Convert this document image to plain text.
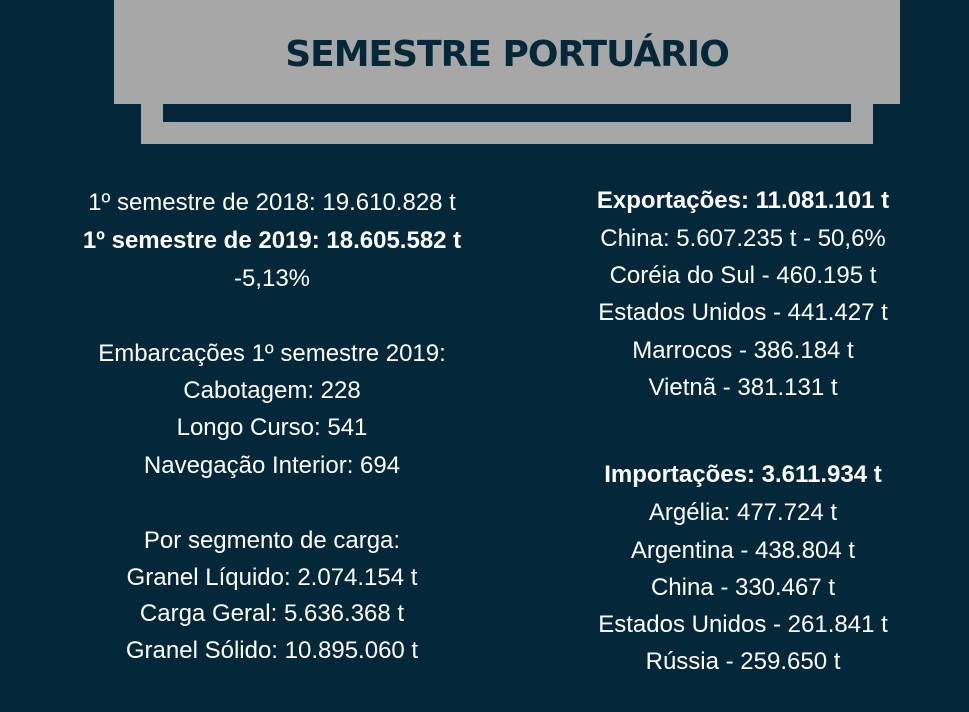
SEMESTRE PORTUÁRIO
1º semestre de 2018: 19.610.828 t
1º semestre de 2019: 18.605.582 t
-5,13%
Embarcações 1º semestre 2019:
Cabotagem: 228
Longo Curso: 541
Navegação Interior: 694
Por segmento de carga:
Granel Líquido: 2.074.154 t
Carga Geral: 5.636.368 t
Granel Sólido: 10.895.060 t
Exportações: 11.081.101 t
China: 5.607.235 t - 50,6%
Coréia do Sul - 460.195 t
Estados Unidos - 441.427 t
Marrocos - 386.184 t
Vietnã - 381.131 t
Importações: 3.611.934 t
Argélia: 477.724 t
Argentina - 438.804 t
China - 330.467 t
Estados Unidos - 261.841 t
Rússia - 259.650 t
